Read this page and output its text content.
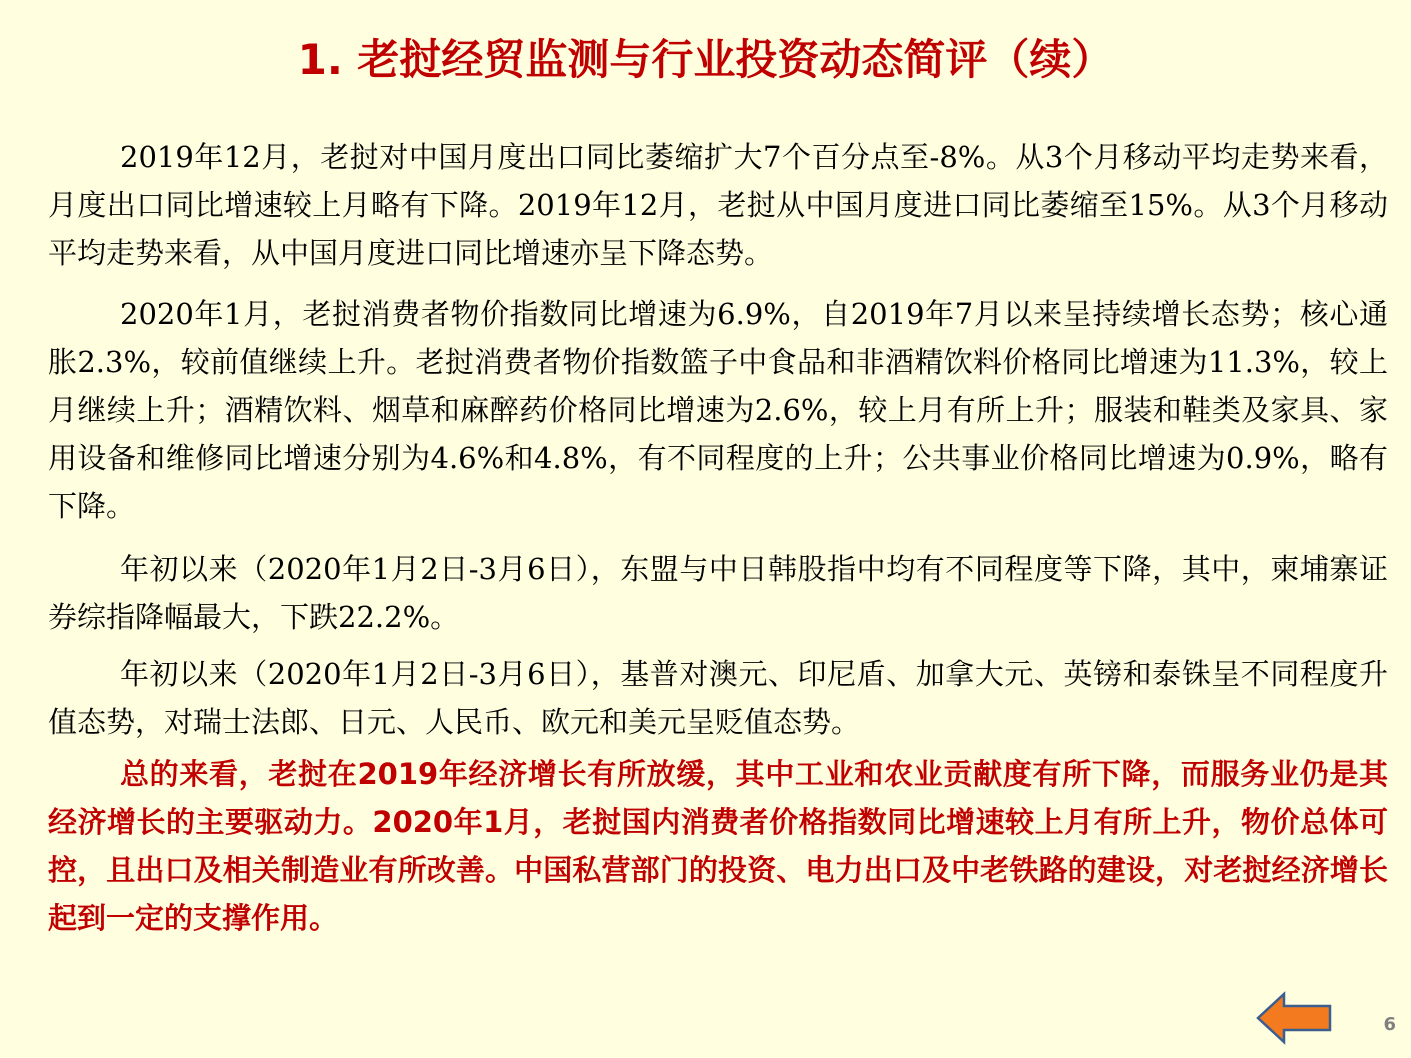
1. 老挝经贸监测与行业投资动态简评（续）

2019年12月，老挝对中国月度出口同比萎缩扩大7个百分点至-8%。从3个月移动平均走势来看，月度出口同比增速较上月略有下降。2019年12月，老挝从中国月度进口同比萎缩至15%。从3个月移动平均走势来看，从中国月度进口同比增速亦呈下降态势。

2020年1月，老挝消费者物价指数同比增速为6.9%，自2019年7月以来呈持续增长态势；核心通胀2.3%，较前值继续上升。老挝消费者物价指数篮子中食品和非酒精饮料价格同比增速为11.3%，较上月继续上升；酒精饮料、烟草和麻醉药价格同比增速为2.6%，较上月有所上升；服装和鞋类及家具、家用设备和维修同比增速分别为4.6%和4.8%，有不同程度的上升；公共事业价格同比增速为0.9%，略有下降。

年初以来（2020年1月2日-3月6日），东盟与中日韩股指中均有不同程度等下降，其中，柬埔寨证券综指降幅最大，下跌22.2%。

年初以来（2020年1月2日-3月6日），基普对澳元、印尼盾、加拿大元、英镑和泰铢呈不同程度升值态势，对瑞士法郎、日元、人民币、欧元和美元呈贬值态势。

总的来看，老挝在2019年经济增长有所放缓，其中工业和农业贡献度有所下降，而服务业仍是其经济增长的主要驱动力。2020年1月，老挝国内消费者价格指数同比增速较上月有所上升，物价总体可控，且出口及相关制造业有所改善。中国私营部门的投资、电力出口及中老铁路的建设，对老挝经济增长起到一定的支撑作用。

6
